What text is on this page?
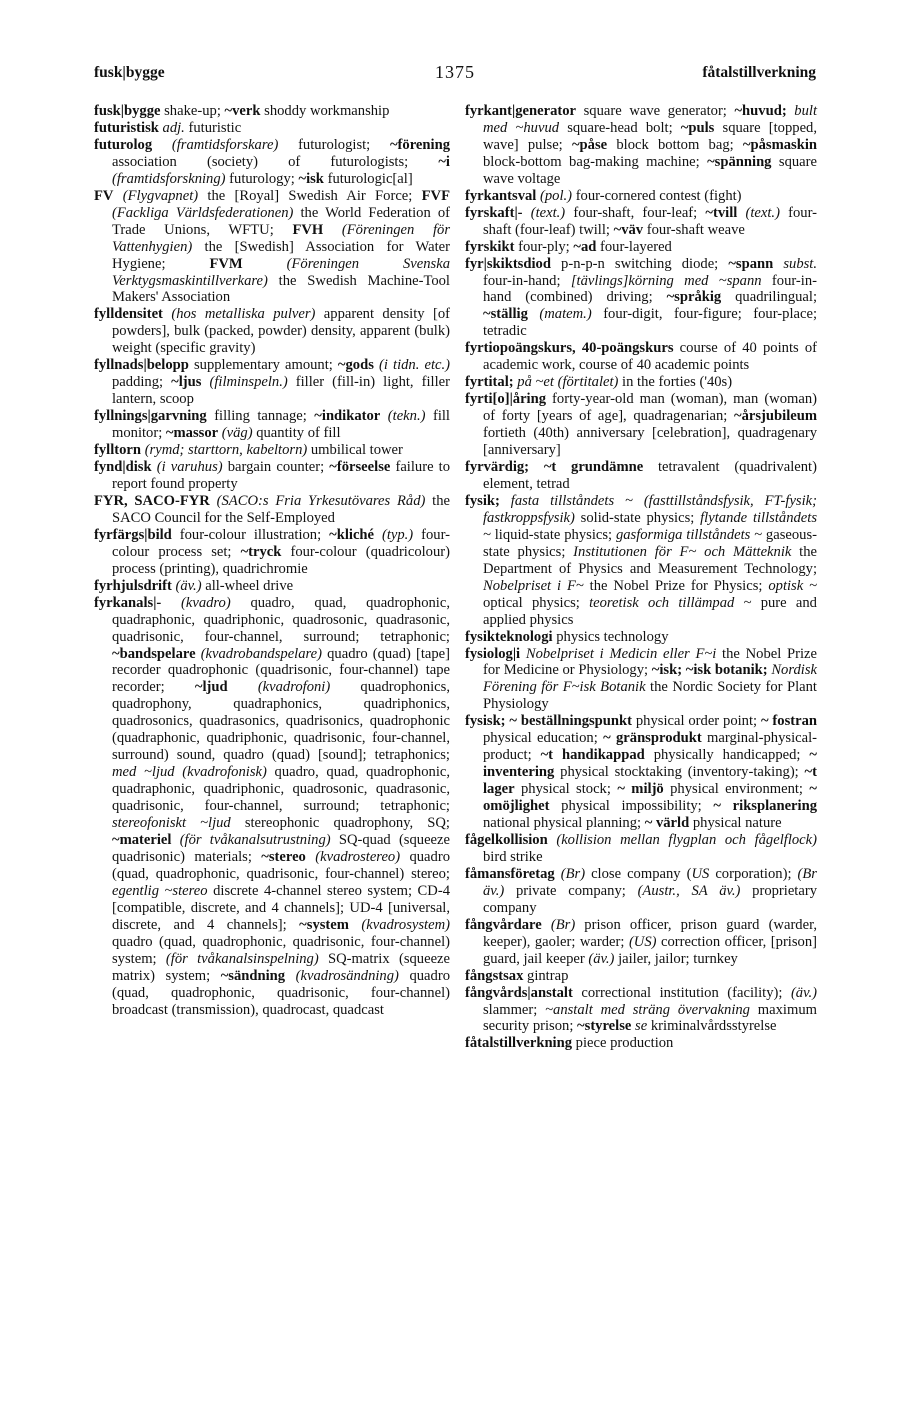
fusk|bygge	1375	fåtalstillverkning
fusk|bygge shake-up; ~verk shoddy workmanship
futuristisk adj. futuristic
futurolog (framtidsforskare) futurologist; ~förening association (society) of futurologists; ~i (framtidsforskning) futurology; ~isk futurologic[al]
FV (Flygvapnet) the [Royal] Swedish Air Force; FVF (Fackliga Världsfederationen) the World Federation of Trade Unions, WFTU; FVH (Föreningen för Vattenhygien) the [Swedish] Association for Water Hygiene; FVM	(Föreningen Svenska Verktygsmaskintillverkare) the Swedish Machine-Tool Makers' Association
fylldensitet (hos metalliska pulver) apparent density [of powders], bulk (packed, powder) density, apparent (bulk) weight (specific gravity)
fyllnads|belopp supplementary amount; ~gods (i tidn. etc.) padding; ~ljus (filminspeln.) filler (fill-in) light, filler lantern, scoop
fyllnings|garvning filling tannage; ~indikator (tekn.) fill monitor; ~massor (väg) quantity of fill
fylltorn (rymd; starttorn, kabeltorn) umbilical tower
fynd|disk (i varuhus) bargain counter; ~förseelse failure to report found property
FYR, SACO-FYR (SACO:s Fria Yrkesutövares Råd) the SACO Council for the Self-Employed
fyrfärgs|bild four-colour illustration; ~kliché (typ.) four-colour process set; ~tryck four-colour (quadricolour) process (printing), quadrichromie
fyrhjulsdrift (äv.) all-wheel drive
fyrkanals|- (kvadro) quadro, quad, quadrophonic, quadraphonic, quadriphonic, quadrosonic, quadrasonic, quadrisonic, four-channel, surround; tetraphonic; ~bandspelare (kvadrobandspelare) quadro (quad) [tape] recorder quadrophonic (quadrisonic, four-channel) tape recorder; ~ljud (kvadrofoni) quadrophonics, quadrophony, quadraphonics, quadriphonics, quadrosonics, quadrasonics, quadrisonics, quadrophonic (quadraphonic, quadriphonic, quadrisonic, four-channel, surround) sound, quadro (quad) [sound]; tetraphonics; med ~ljud (kvadrofonisk) quadro, quad, quadrophonic, quadraphonic, quadriphonic, quadrosonic, quadrasonic, quadrisonic, four-channel, surround; tetraphonic; stereofoniskt ~ljud stereophonic quadrophony, SQ; ~materiel (för tvåkanalsutrustning) SQ-quad (squeeze quadrisonic) materials; ~stereo (kvadrostereo) quadro (quad, quadrophonic, quadrisonic, four-channel) stereo; egentlig ~stereo discrete 4-channel stereo system; CD-4 [compatible, discrete, and 4 channels]; UD-4 [universal, discrete, and 4 channels]; ~system (kvadrosystem) quadro (quad, quadrophonic, quadrisonic, four-channel) system; (för tvåkanalsinspelning) SQ-matrix (squeeze matrix) system; ~sändning (kvadrosändning) quadro (quad, quadrophonic, quadrisonic, four-channel) broadcast (transmission), quadrocast, quadcast
fyrkant|generator square wave generator; ~huvud; bult med ~huvud square-head bolt; ~puls square [topped, wave] pulse; ~påse block bottom bag; ~påsmaskin block-bottom bag-making machine; ~spänning square wave voltage
fyrkantsval (pol.) four-cornered contest (fight)
fyrskaft|- (text.) four-shaft, four-leaf; ~tvill (text.) four-shaft (four-leaf) twill; ~väv four-shaft weave
fyrskikt four-ply; ~ad four-layered
fyr|skiktsdiod p-n-p-n switching diode; ~spann subst. four-in-hand; [tävlings]körning med ~spann four-in-hand (combined) driving; ~språkig quadrilingual; ~ställig (matem.) four-digit, four-figure; four-place; tetradic
fyrtiopoängskurs, 40-poängskurs course of 40 points of academic work, course of 40 academic points
fyrtital; på ~et (förtitalet) in the forties ('40s)
fyrti[o]|åring forty-year-old man (woman), man (woman) of forty [years of age], quadragenarian; ~årsjubileum fortieth (40th) anniversary [celebration], quadragenary [anniversary]
fyrvärdig; ~t grundämne tetravalent (quadrivalent) element, tetrad
fysik; fasta tillståndets ~ (fasttillståndsfysik, FT-fysik; fastkroppsfysik) solid-state physics; flytande tillståndets ~ liquid-state physics; gasformiga tillståndets ~ gaseous-state physics; Institutionen för F~ och Mätteknik the Department of Physics and Measurement Technology; Nobelpriset i F~ the Nobel Prize for Physics; optisk ~ optical physics; teoretisk och tillämpad ~ pure and applied physics
fysikteknologi physics technology
fysiolog|i Nobelpriset i Medicin eller F~i the Nobel Prize for Medicine or Physiology; ~isk; ~isk botanik; Nordisk Förening för F~isk Botanik the Nordic Society for Plant Physiology
fysisk; ~ beställningspunkt physical order point; ~ fostran physical education; ~ gränsprodukt marginal-physical-product; ~t handikappad physically handicapped; ~ inventering physical stocktaking (inventory-taking); ~t lager physical stock; ~ miljö physical environment; ~ omöjlighet physical impossibility; ~ riksplanering national physical planning; ~ värld physical nature
fågelkollision (kollision mellan flygplan och fågelflock) bird strike
fåmansföretag (Br) close company (US corporation); (Br äv.) private company; (Austr., SA äv.) proprietary company
fångvårdare (Br) prison officer, prison guard (warder, keeper), gaoler; warder; (US) correction officer, [prison] guard, jail keeper (äv.) jailer, jailor; turnkey
fångstsax gintrap
fångvårds|anstalt correctional institution (facility); (äv.) slammer; ~anstalt med sträng övervakning maximum security prison; ~styrelse se kriminalvårdsstyrelse
fåtalstillverkning piece production
